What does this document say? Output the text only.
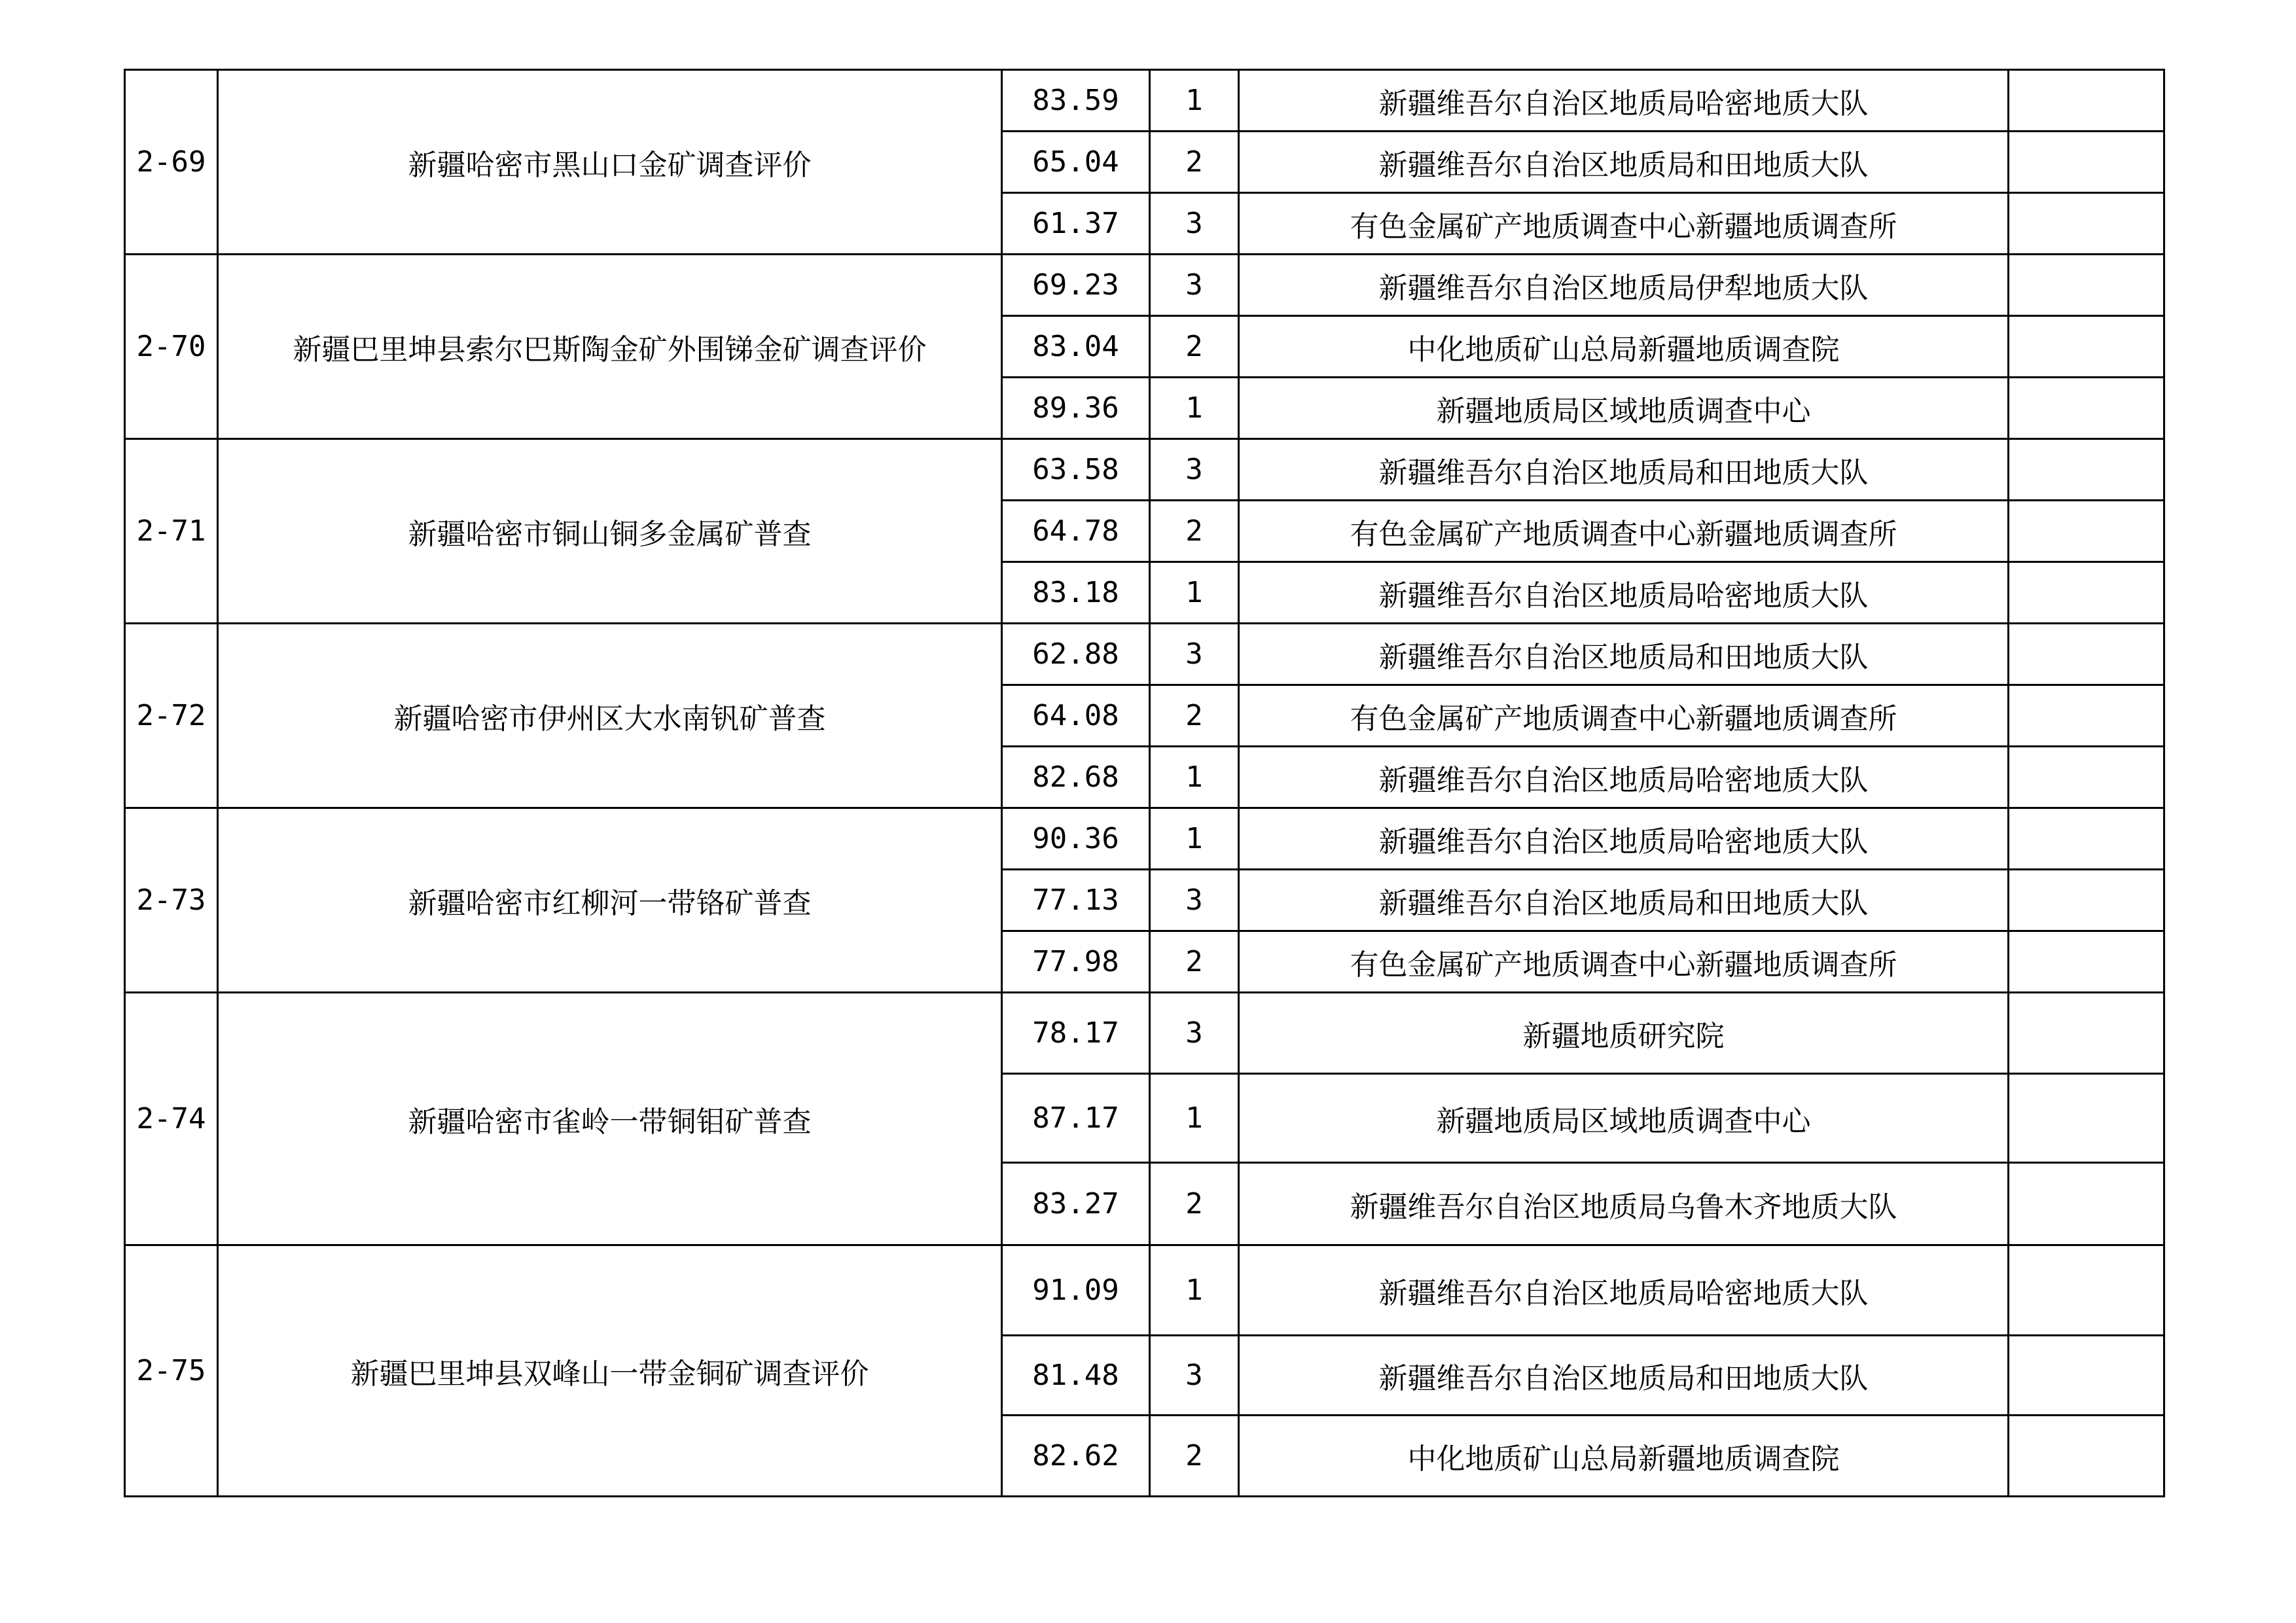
2-69	新疆哈密市黑山口金矿调查评价	83.59	1	新疆维吾尔自治区地质局哈密地质大队	
		65.04	2	新疆维吾尔自治区地质局和田地质大队	
		61.37	3	有色金属矿产地质调查中心新疆地质调查所	
2-70	新疆巴里坤县索尔巴斯陶金矿外围锑金矿调查评价	69.23	3	新疆维吾尔自治区地质局伊犁地质大队	
		83.04	2	中化地质矿山总局新疆地质调查院	
		89.36	1	新疆地质局区域地质调查中心	
2-71	新疆哈密市铜山铜多金属矿普查	63.58	3	新疆维吾尔自治区地质局和田地质大队	
		64.78	2	有色金属矿产地质调查中心新疆地质调查所	
		83.18	1	新疆维吾尔自治区地质局哈密地质大队	
2-72	新疆哈密市伊州区大水南钒矿普查	62.88	3	新疆维吾尔自治区地质局和田地质大队	
		64.08	2	有色金属矿产地质调查中心新疆地质调查所	
		82.68	1	新疆维吾尔自治区地质局哈密地质大队	
2-73	新疆哈密市红柳河一带铬矿普查	90.36	1	新疆维吾尔自治区地质局哈密地质大队	
		77.13	3	新疆维吾尔自治区地质局和田地质大队	
		77.98	2	有色金属矿产地质调查中心新疆地质调查所	
2-74	新疆哈密市雀岭一带铜钼矿普查	78.17	3	新疆地质研究院	
		87.17	1	新疆地质局区域地质调查中心	
		83.27	2	新疆维吾尔自治区地质局乌鲁木齐地质大队	
2-75	新疆巴里坤县双峰山一带金铜矿调查评价	91.09	1	新疆维吾尔自治区地质局哈密地质大队	
		81.48	3	新疆维吾尔自治区地质局和田地质大队	
		82.62	2	中化地质矿山总局新疆地质调查院	
